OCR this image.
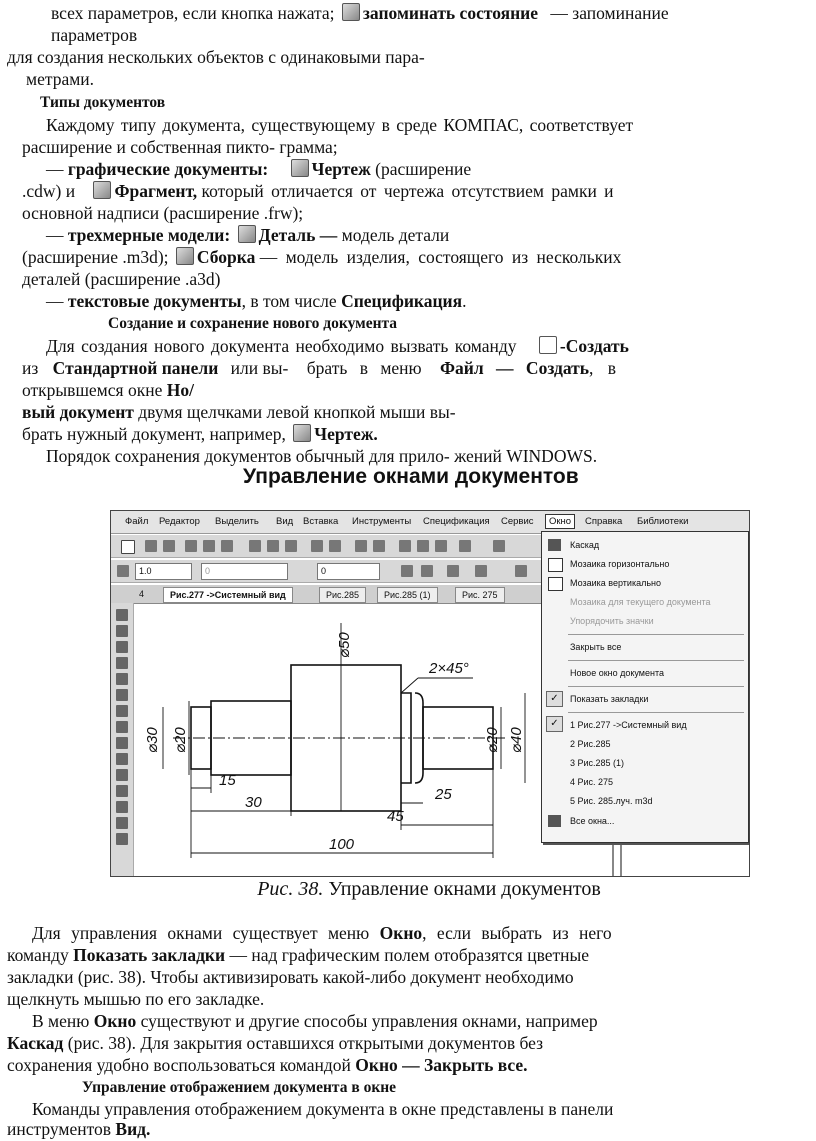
всех параметров, если кнопка нажата; запоминать состояние — запоминание
параметров
для создания нескольких объектов с одинаковыми пара-
метрами.
Типы документов
Каждому типу документа, существующему в среде КОМПАС, соответствует
расширение и собственная пикто- грамма;
— графические документы: Чертеж (расширение
.cdw) и Фрагмент, который отличается от чертежа отсутствием рамки и
основной надписи (расширение .frw);
— трехмерные модели: Деталь — модель детали
(расширение .m3d); Сборка — модель изделия, состоящего из нескольких
деталей (расширение .a3d)
— текстовые документы, в том числе Спецификация.
Создание и сохранение нового документа
Для создания нового документа необходимо вызвать команду -Создать
из Стандартной панели или вы- брать в меню Файл — Создать, в
открывшемся окне Но/
вый документ двумя щелчками левой кнопкой мыши вы-
брать нужный документ, например, Чертеж.
Порядок сохранения документов обычный для прило- жений WINDOWS.
Управление окнами документов
Файл Редактор Выделить Вид Вставка Инструменты Спецификация Сервис	Окно	Справка Библиотеки
1.0	0	0
4	Рис.277 ->Системный вид	Рис.285	Рис.285 (1)	Рис. 275
⌀50
⌀30 ⌀20	⌀20 ⌀40
2×45°
15
30	25
45
100
Каскад
Мозаика горизонтально
Мозаика вертикально
Мозаика для текущего документа
Упорядочить значки
Закрыть все
Новое окно документа
✓	Показать закладки
✓	1 Рис.277 ->Системный вид
2 Рис.285
3 Рис.285 (1)
4 Рис. 275
5 Рис. 285.луч. m3d
Все окна...
Рис. 38. Управление окнами документов
Для управления окнами существует меню Окно, если выбрать из него
команду Показать закладки — над графическим полем отобразятся цветные
закладки (рис. 38). Чтобы активизировать какой-либо документ необходимо
щелкнуть мышью по его закладке.
В меню Окно существуют и другие способы управления окнами, например
Каскад (рис. 38). Для закрытия оставшихся открытыми документов без
сохранения удобно воспользоваться командой Окно — Закрыть все.
Управление отображением документа в окне
Команды управления отображением документа в окне представлены в панели
инструментов Вид.
